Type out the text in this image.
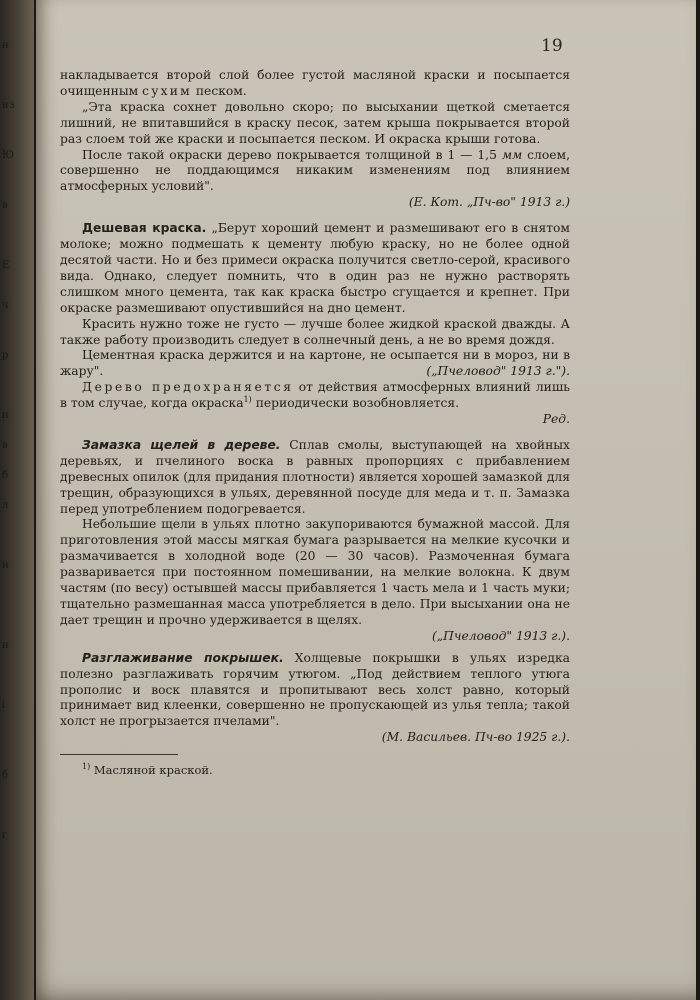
н
из
Ю
в
Е
ч
р
п
в
б
л
и
н
і
б
г
19

накладывается второй слой более густой масляной краски и посыпается очищенным сухим песком.

„Эта краска сохнет довольно скоро; по высыхании щеткой сметается лишний, не впитавшийся в краску песок, затем крыша покрывается второй раз слоем той же краски и посыпается песком. И окраска крыши готова.

После такой окраски дерево покрывается толщиной в 1 — 1,5 мм слоем, совершенно не поддающимся никаким изменениям под влиянием атмосферных условий".

(Е. Кот. „Пч-во" 1913 г.)

Дешевая краска. „Берут хороший цемент и размешивают его в снятом молоке; можно подмешать к цементу любую краску, но не более одной десятой части. Но и без примеси окраска получится светло-серой, красивого вида. Однако, следует помнить, что в один раз не нужно растворять слишком много цемента, так как краска быстро сгущается и крепнет. При окраске размешивают опустившийся на дно цемент.

Красить нужно тоже не густо — лучше более жидкой краской дважды. А также работу производить следует в солнечный день, а не во время дождя.

Цементная краска держится и на картоне, не осыпается ни в мороз, ни в жару".	(„Пчеловод" 1913 г.").

Дерево предохраняется от действия атмосферных влияний лишь в том случае, когда окраска$^{1)}$ периодически возобновляется.

Ред.

Замазка щелей в дереве. Сплав смолы, выступающей на хвойных деревьях, и пчелиного воска в равных пропорциях с прибавлением древесных опилок (для придания плотности) является хорошей замазкой для трещин, образующихся в ульях, деревянной посуде для меда и т. п. Замазка перед употреблением подогревается.

Небольшие щели в ульях плотно закупориваются бумажной массой. Для приготовления этой массы мягкая бумага разрывается на мелкие кусочки и размачивается в холодной воде (20 — 30 часов). Размоченная бумага разваривается при постоянном помешивании, на мелкие волокна. К двум частям (по весу) остывшей массы прибавляется 1 часть мела и 1 часть муки; тщательно размешанная масса употребляется в дело. При высыхании она не дает трещин и прочно удерживается в щелях.

(„Пчеловод" 1913 г.).

Разглаживание покрышек. Холщевые покрышки в ульях изредка полезно разглаживать горячим утюгом. „Под действием теплого утюга прополис и воск плавятся и пропитывают весь холст равно, который принимает вид клеенки, совершенно не пропускающей из улья тепла; такой холст не прогрызается пчелами".

(М. Васильев. Пч-во 1925 г.).

$^{1)}$ Масляной краской.
